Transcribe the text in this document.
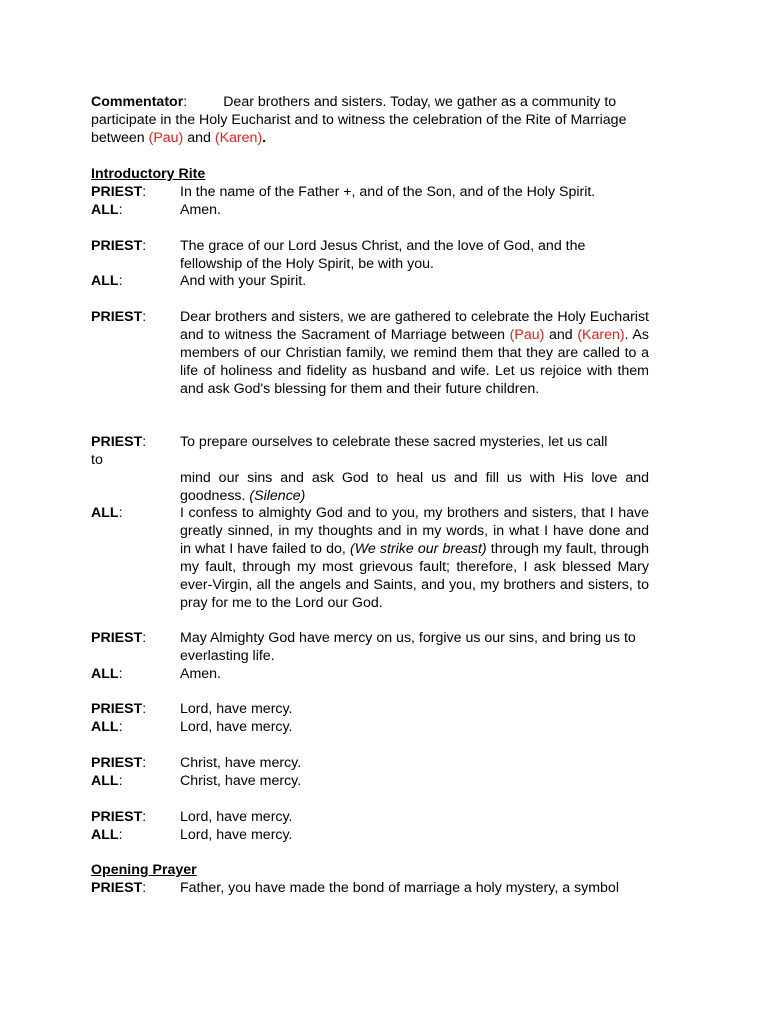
Commentator:	Dear brothers and sisters. Today, we gather as a community to participate in the Holy Eucharist and to witness the celebration of the Rite of Marriage between (Pau) and (Karen).
Introductory Rite
PRIEST: In the name of the Father +, and of the Son, and of the Holy Spirit.
ALL:	Amen.
PRIEST: The grace of our Lord Jesus Christ, and the love of God, and the fellowship of the Holy Spirit, be with you.
ALL:	And with your Spirit.
PRIEST: Dear brothers and sisters, we are gathered to celebrate the Holy Eucharist and to witness the Sacrament of Marriage between (Pau) and (Karen). As members of our Christian family, we remind them that they are called to a life of holiness and fidelity as husband and wife. Let us rejoice with them and ask God's blessing for them and their future children.
PRIEST: To prepare ourselves to celebrate these sacred mysteries, let us call
to
mind our sins and ask God to heal us and fill us with His love and goodness. (Silence)
ALL:	I confess to almighty God and to you, my brothers and sisters, that I have greatly sinned, in my thoughts and in my words, in what I have done and in what I have failed to do, (We strike our breast) through my fault, through my fault, through my most grievous fault; therefore, I ask blessed Mary ever-Virgin, all the angels and Saints, and you, my brothers and sisters, to pray for me to the Lord our God.
PRIEST: May Almighty God have mercy on us, forgive us our sins, and bring us to everlasting life.
ALL:	Amen.
PRIEST: Lord, have mercy.
ALL:	Lord, have mercy.
PRIEST: Christ, have mercy.
ALL:	Christ, have mercy.
PRIEST: Lord, have mercy.
ALL:	Lord, have mercy.
Opening Prayer
PRIEST: Father, you have made the bond of marriage a holy mystery, a symbol
